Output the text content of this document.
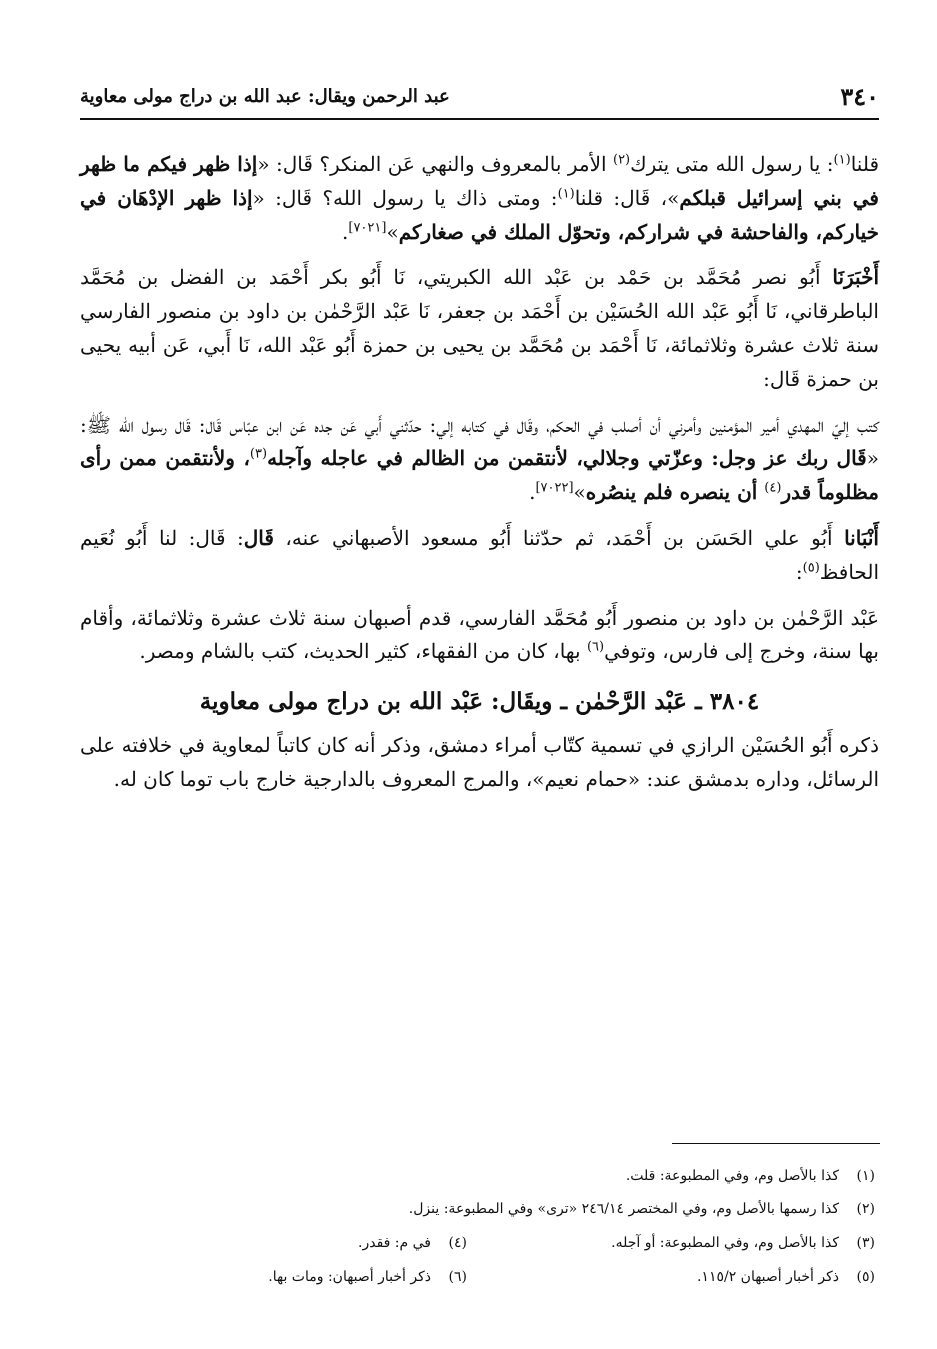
٣٤٠
عبد الرحمن ويقال: عبد الله بن دراج مولى معاوية

قلنا$^{(١)}$: يا رسول الله متى يترك$^{(٢)}$ الأمر بالمعروف والنهي عَن المنكر؟ قَال: «إذا ظهر فيكم ما ظهر في بني إسرائيل قبلكم»، قَال: قلنا$^{(١)}$: ومتى ذاك يا رسول الله؟ قَال: «إذا ظهر الإدْهَان في خياركم، والفاحشة في شراركم، وتحوّل الملك في صغاركم»[٧٠٢١].

أَخْبَرَنَا أَبُو نصر مُحَمَّد بن حَمْد بن عَبْد الله الكبريتي، نَا أَبُو بكر أَحْمَد بن الفضل بن مُحَمَّد الباطرقاني، نَا أَبُو عَبْد الله الحُسَيْن بن أَحْمَد بن جعفر، نَا عَبْد الرَّحْمٰن بن داود بن منصور الفارسي سنة ثلاث عشرة وثلاثمائة، نَا أَحْمَد بن مُحَمَّد بن يحيى بن حمزة أَبُو عَبْد الله، نَا أَبي، عَن أبيه يحيى بن حمزة قَال:

كتب إليّ المهدي أمير المؤمنين وأمرني أن أصلب في الحكم، وقَال في كتابه إلي: حدّثني أَبي عَن جده عَن ابن عبّاس قَال: قَال رسول الله ﷺ: «قَال ربك عز وجل: وعزّتي وجلالي، لأنتقمن من الظالم في عاجله وآجله$^{(٣)}$، ولأنتقمن ممن رأى مظلوماً قدر$^{(٤)}$ أن ينصره فلم ينصُره»[٧٠٢٢].

أَنْبَانا أَبُو علي الحَسَن بن أَحْمَد، ثم حدّثنا أَبُو مسعود الأصبهاني عنه، قَال: قَال: لنا أَبُو نُعَيم الحافظ$^{(٥)}$:

عَبْد الرَّحْمٰن بن داود بن منصور أَبُو مُحَمَّد الفارسي، قدم أصبهان سنة ثلاث عشرة وثلاثمائة، وأقام بها سنة، وخرج إلى فارس، وتوفي$^{(٦)}$ بها، كان من الفقهاء، كثير الحديث، كتب بالشام ومصر.

٣٨٠٤ ـ عَبْد الرَّحْمٰن ـ ويقَال: عَبْد الله بن دراج مولى معاوية

ذكره أَبُو الحُسَيْن الرازي في تسمية كتّاب أمراء دمشق، وذكر أنه كان كاتباً لمعاوية في خلافته على الرسائل، وداره بدمشق عند: «حمام نعيم»، والمرج المعروف بالدارجية خارج باب توما كان له.

(١)كذا بالأصل وم، وفي المطبوعة: قلت.
(٢)كذا رسمها بالأصل وم، وفي المختصر ٢٤٦/١٤ «ترى» وفي المطبوعة: ينزل.
(٣)كذا بالأصل وم، وفي المطبوعة: أو آجله.
(٤)في م: فقدر.
(٥)ذكر أخبار أصبهان ١١٥/٢.
(٦)ذكر أخبار أصبهان: ومات بها.
